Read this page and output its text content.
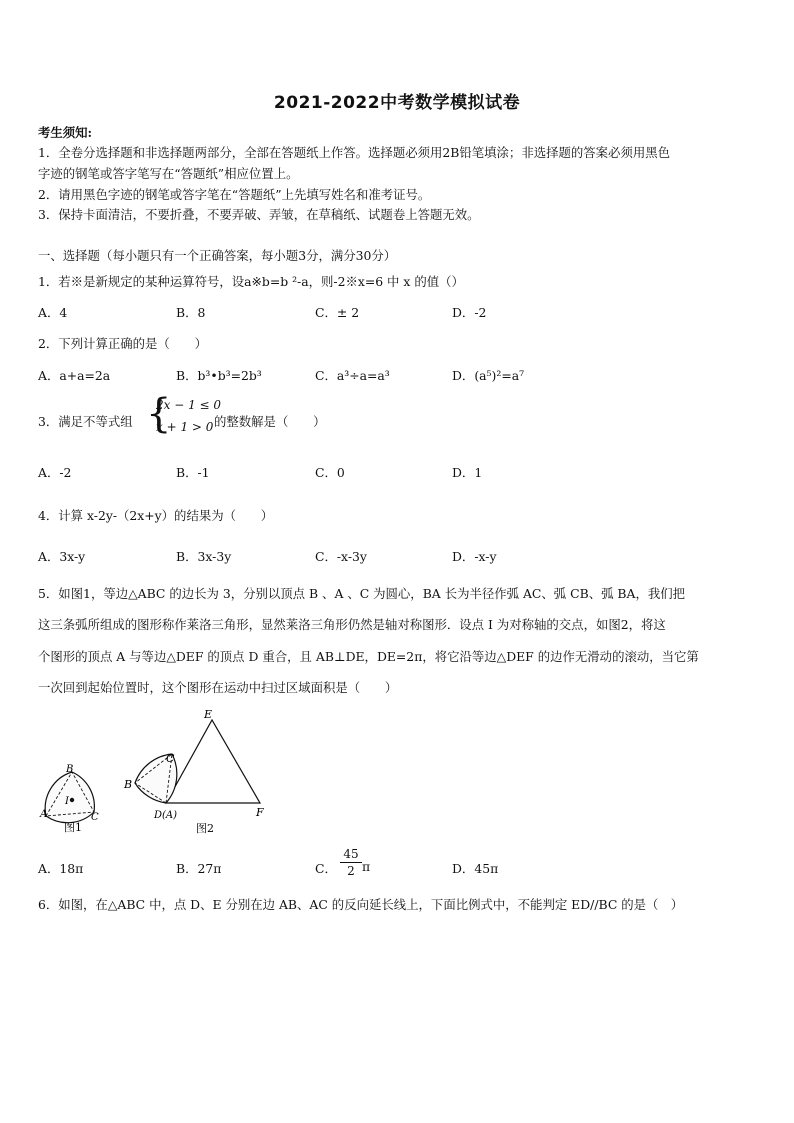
2021-2022中考数学模拟试卷
考生须知:
1．全卷分选择题和非选择题两部分，全部在答题纸上作答。选择题必须用2B铅笔填涂；非选择题的答案必须用黑色
字迹的钢笔或答字笔写在“答题纸”相应位置上。
2．请用黑色字迹的钢笔或答字笔在“答题纸”上先填写姓名和准考证号。
3．保持卡面清洁，不要折叠，不要弄破、弄皱，在草稿纸、试题卷上答题无效。
一、选择题（每小题只有一个正确答案，每小题3分，满分30分）
1．若※是新规定的某种运算符号，设a※b=b ²-a，则-2※x=6 中 x 的值（）
A．4	B．8	C．± 2	D．-2
2．下列计算正确的是（　　）
A．a+a=2a	B．b³•b³=2b³	C．a³÷a=a³	D．(a⁵)²=a⁷
3．满足不等式组 {
2x − 1 ≤ 0
x + 1 > 0 的整数解是（　　）
A．-2	B．-1	C．0	D．1
4．计算 x-2y-（2x+y）的结果为（　　）
A．3x-y	B．3x-3y	C．-x-3y	D．-x-y
5．如图1，等边△ABC 的边长为 3，分别以顶点 B 、A 、C 为圆心，BA 长为半径作弧 AC、弧 CB、弧 BA，我们把
这三条弧所组成的图形称作莱洛三角形，显然莱洛三角形仍然是轴对称图形．设点 I 为对称轴的交点，如图2，将这
个图形的顶点 A 与等边△DEF 的顶点 D 重合，且 AB⊥DE，DE=2π，将它沿等边△DEF 的边作无滑动的滚动，当它第
一次回到起始位置时，这个图形在运动中扫过区域面积是（　　）
B
A	C
I
图1
E
C
B
F
D(A)
图2
A．18π	B．27π	C．	D．45π
$\frac{45}{2}$ π
6．如图，在△ABC 中，点 D、E 分别在边 AB、AC 的反向延长线上，下面比例式中，不能判定 ED//BC 的是（　）
